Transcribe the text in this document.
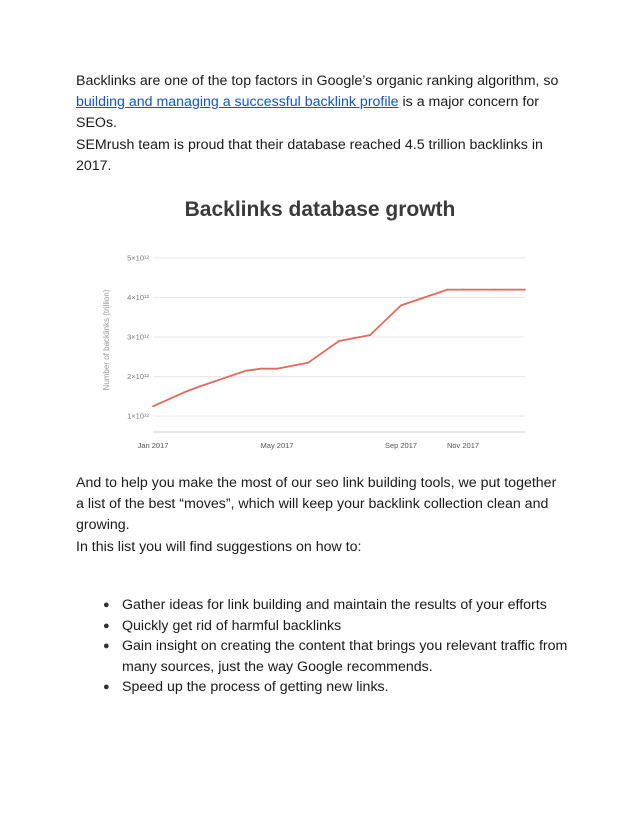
Backlinks are one of the top factors in Google’s organic ranking algorithm, so building and managing a successful backlink profile is a major concern for SEOs.
SEMrush team is proud that their database reached 4.5 trillion backlinks in 2017.

Backlinks database growth
1×10¹²
2×10¹²
3×10¹²
4×10¹²
5×10¹²
Jan 2017	May 2017	Sep 2017	Nov 2017
Number of backlinks (trillion)

And to help you make the most of our seo link building tools, we put together a list of the best “moves”, which will keep your backlink collection clean and growing.
In this list you will find suggestions on how to:

● Gather ideas for link building and maintain the results of your efforts
● Quickly get rid of harmful backlinks
● Gain insight on creating the content that brings you relevant traffic from many sources, just the way Google recommends.
● Speed up the process of getting new links.
